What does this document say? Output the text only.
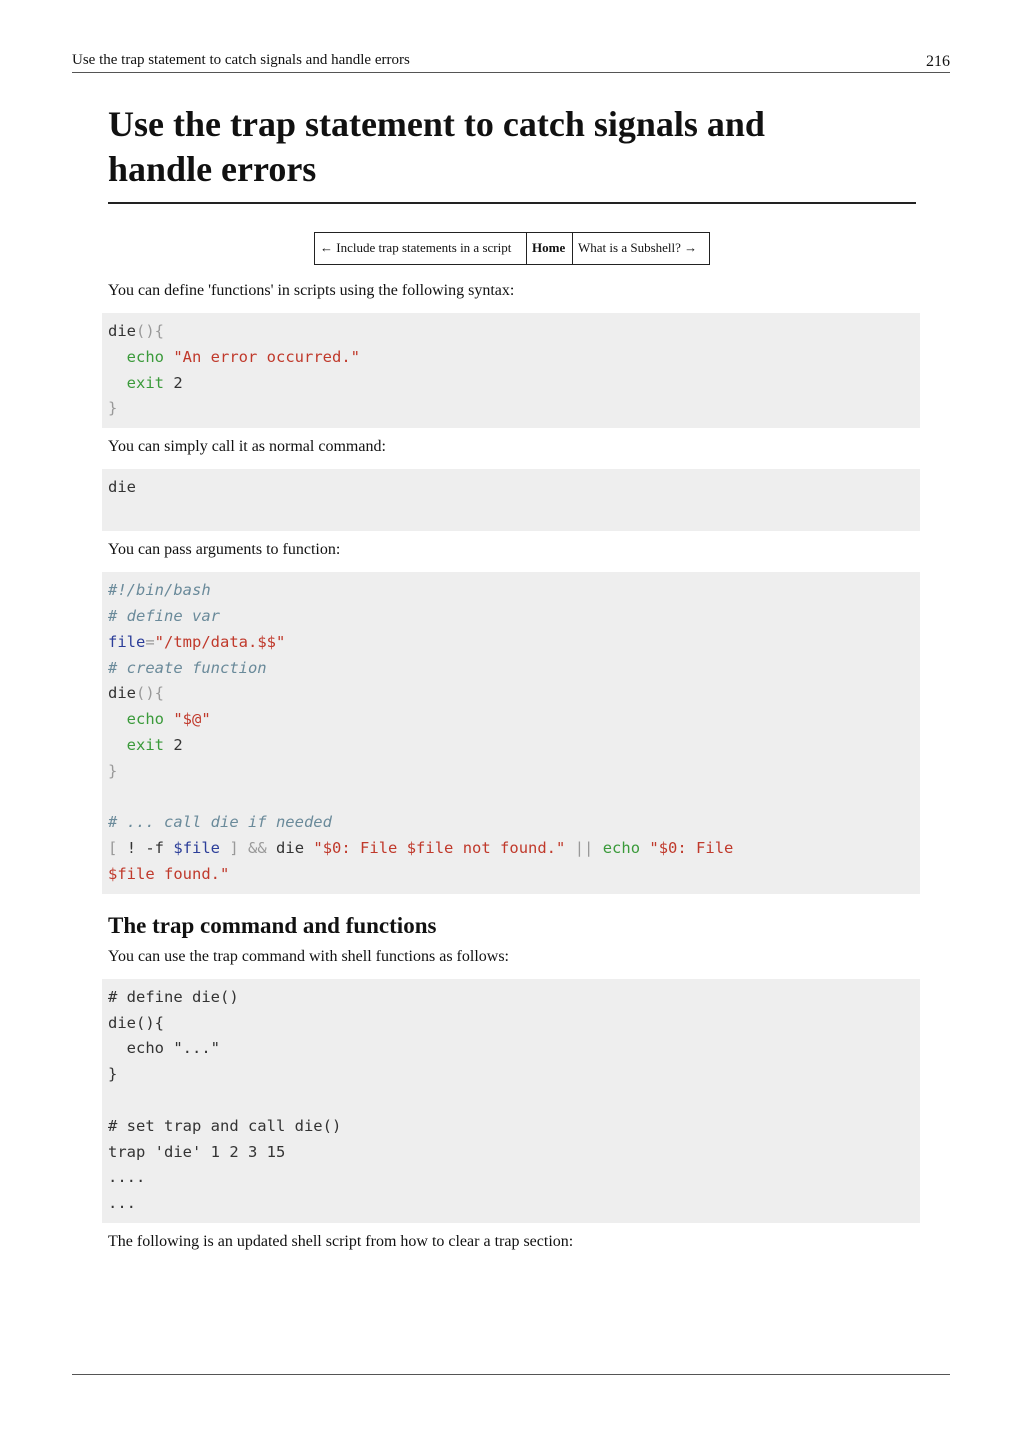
Use the trap statement to catch signals and handle errors	216
Use the trap statement to catch signals and
handle errors
← Include trap statements in a script	Home	What is a Subshell? →

You can define 'functions' in scripts using the following syntax:

die(){
echo "An error occurred."
exit 2
}

You can simply call it as normal command:

die

You can pass arguments to function:

#!/bin/bash
# define var
file="/tmp/data.$$"
# create function
die(){
echo "$@"
exit 2
}

# ... call die if needed
[ ! -f $file ] && die "$0: File $file not found." || echo "$0: File
$file found."
The trap command and functions

You can use the trap command with shell functions as follows:

# define die()
die(){
echo "..."
}

# set trap and call die()
trap 'die' 1 2 3 15
....
...

The following is an updated shell script from how to clear a trap section:
